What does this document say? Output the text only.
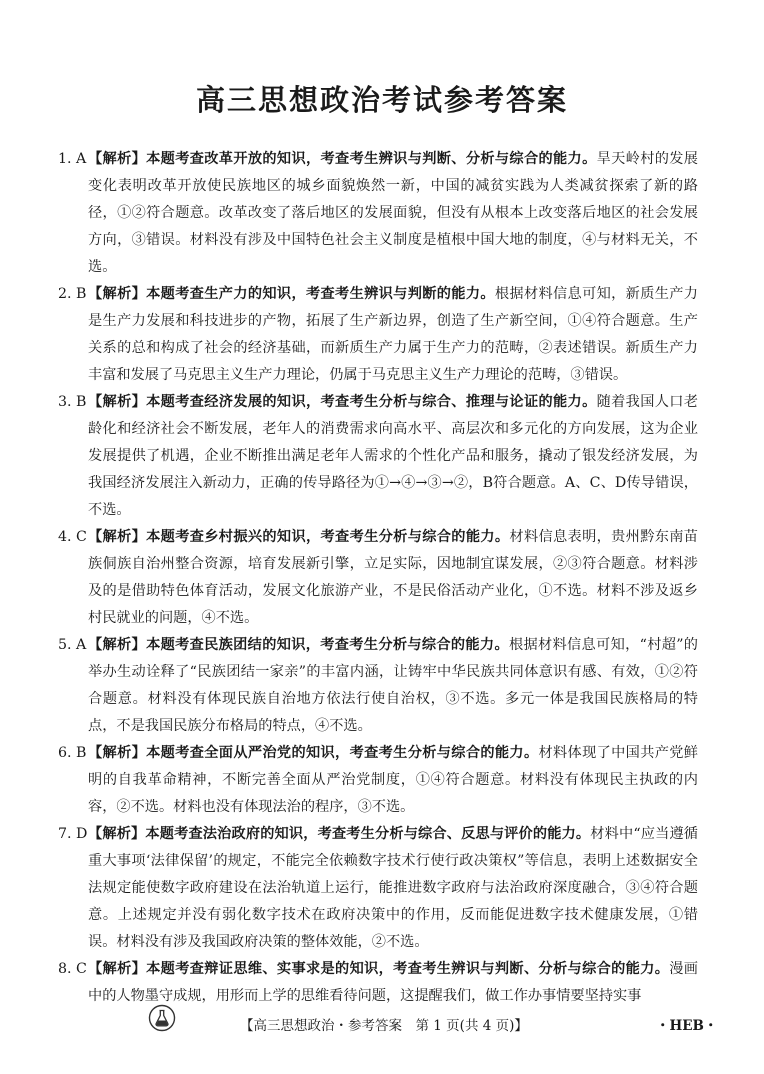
高三思想政治考试参考答案

1. A 【解析】本题考查改革开放的知识，考查考生辨识与判断、分析与综合的能力。旱天岭村的发展变化表明改革开放使民族地区的城乡面貌焕然一新，中国的减贫实践为人类减贫探索了新的路径，①②符合题意。改革改变了落后地区的发展面貌，但没有从根本上改变落后地区的社会发展方向，③错误。材料没有涉及中国特色社会主义制度是植根中国大地的制度，④与材料无关，不选。

2. B 【解析】本题考查生产力的知识，考查考生辨识与判断的能力。根据材料信息可知，新质生产力是生产力发展和科技进步的产物，拓展了生产新边界，创造了生产新空间，①④符合题意。生产关系的总和构成了社会的经济基础，而新质生产力属于生产力的范畴，②表述错误。新质生产力丰富和发展了马克思主义生产力理论，仍属于马克思主义生产力理论的范畴，③错误。

3. B 【解析】本题考查经济发展的知识，考查考生分析与综合、推理与论证的能力。随着我国人口老龄化和经济社会不断发展，老年人的消费需求向高水平、高层次和多元化的方向发展，这为企业发展提供了机遇，企业不断推出满足老年人需求的个性化产品和服务，撬动了银发经济发展，为我国经济发展注入新动力，正确的传导路径为①→④→③→②，B符合题意。A、C、D传导错误，不选。

4. C 【解析】本题考查乡村振兴的知识，考查考生分析与综合的能力。材料信息表明，贵州黔东南苗族侗族自治州整合资源，培育发展新引擎，立足实际，因地制宜谋发展，②③符合题意。材料涉及的是借助特色体育活动，发展文化旅游产业，不是民俗活动产业化，①不选。材料不涉及返乡村民就业的问题，④不选。

5. A 【解析】本题考查民族团结的知识，考查考生分析与综合的能力。根据材料信息可知，“村超”的举办生动诠释了“民族团结一家亲”的丰富内涵，让铸牢中华民族共同体意识有感、有效，①②符合题意。材料没有体现民族自治地方依法行使自治权，③不选。多元一体是我国民族格局的特点，不是我国民族分布格局的特点，④不选。

6. B 【解析】本题考查全面从严治党的知识，考查考生分析与综合的能力。材料体现了中国共产党鲜明的自我革命精神，不断完善全面从严治党制度，①④符合题意。材料没有体现民主执政的内容，②不选。材料也没有体现法治的程序，③不选。

7. D 【解析】本题考查法治政府的知识，考查考生分析与综合、反思与评价的能力。材料中“应当遵循重大事项‘法律保留’的规定，不能完全依赖数字技术行使行政决策权”等信息，表明上述数据安全法规定能使数字政府建设在法治轨道上运行，能推进数字政府与法治政府深度融合，③④符合题意。上述规定并没有弱化数字技术在政府决策中的作用，反而能促进数字技术健康发展，①错误。材料没有涉及我国政府决策的整体效能，②不选。

8. C 【解析】本题考查辩证思维、实事求是的知识，考查考生辨识与判断、分析与综合的能力。漫画中的人物墨守成规，用形而上学的思维看待问题，这提醒我们，做工作办事情要坚持实事

【高三思想政治・参考答案　第 1 页(共 4 页)】	・HEB・
